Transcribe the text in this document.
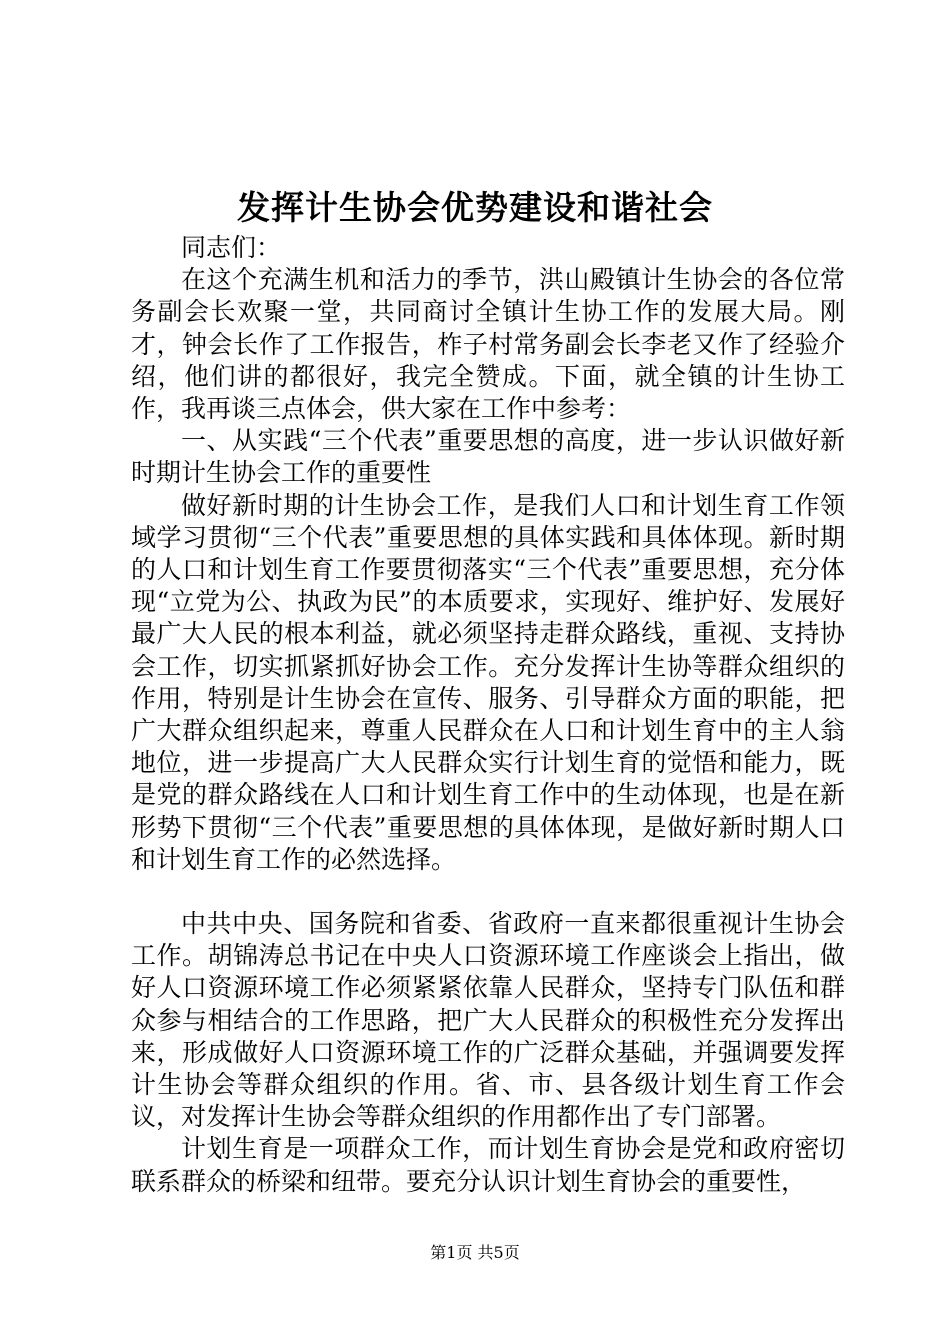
发挥计生协会优势建设和谐社会

同志们：

在这个充满生机和活力的季节，洪山殿镇计生协会的各位常务副会长欢聚一堂，共同商讨全镇计生协工作的发展大局。刚才，钟会长作了工作报告，柞子村常务副会长李老又作了经验介绍，他们讲的都很好，我完全赞成。下面，就全镇的计生协工作，我再谈三点体会，供大家在工作中参考：

一、从实践“三个代表”重要思想的高度，进一步认识做好新时期计生协会工作的重要性

做好新时期的计生协会工作，是我们人口和计划生育工作领域学习贯彻“三个代表”重要思想的具体实践和具体体现。新时期的人口和计划生育工作要贯彻落实“三个代表”重要思想，充分体现“立党为公、执政为民”的本质要求，实现好、维护好、发展好最广大人民的根本利益，就必须坚持走群众路线，重视、支持协会工作，切实抓紧抓好协会工作。充分发挥计生协等群众组织的作用，特别是计生协会在宣传、服务、引导群众方面的职能，把广大群众组织起来，尊重人民群众在人口和计划生育中的主人翁地位，进一步提高广大人民群众实行计划生育的觉悟和能力，既是党的群众路线在人口和计划生育工作中的生动体现，也是在新形势下贯彻“三个代表”重要思想的具体体现，是做好新时期人口和计划生育工作的必然选择。

中共中央、国务院和省委、省政府一直来都很重视计生协会工作。胡锦涛总书记在中央人口资源环境工作座谈会上指出，做好人口资源环境工作必须紧紧依靠人民群众，坚持专门队伍和群众参与相结合的工作思路，把广大人民群众的积极性充分发挥出来，形成做好人口资源环境工作的广泛群众基础，并强调要发挥计生协会等群众组织的作用。省、市、县各级计划生育工作会议，对发挥计生协会等群众组织的作用都作出了专门部署。

计划生育是一项群众工作，而计划生育协会是党和政府密切联系群众的桥梁和纽带。要充分认识计划生育协会的重要性，

第1页 共5页
